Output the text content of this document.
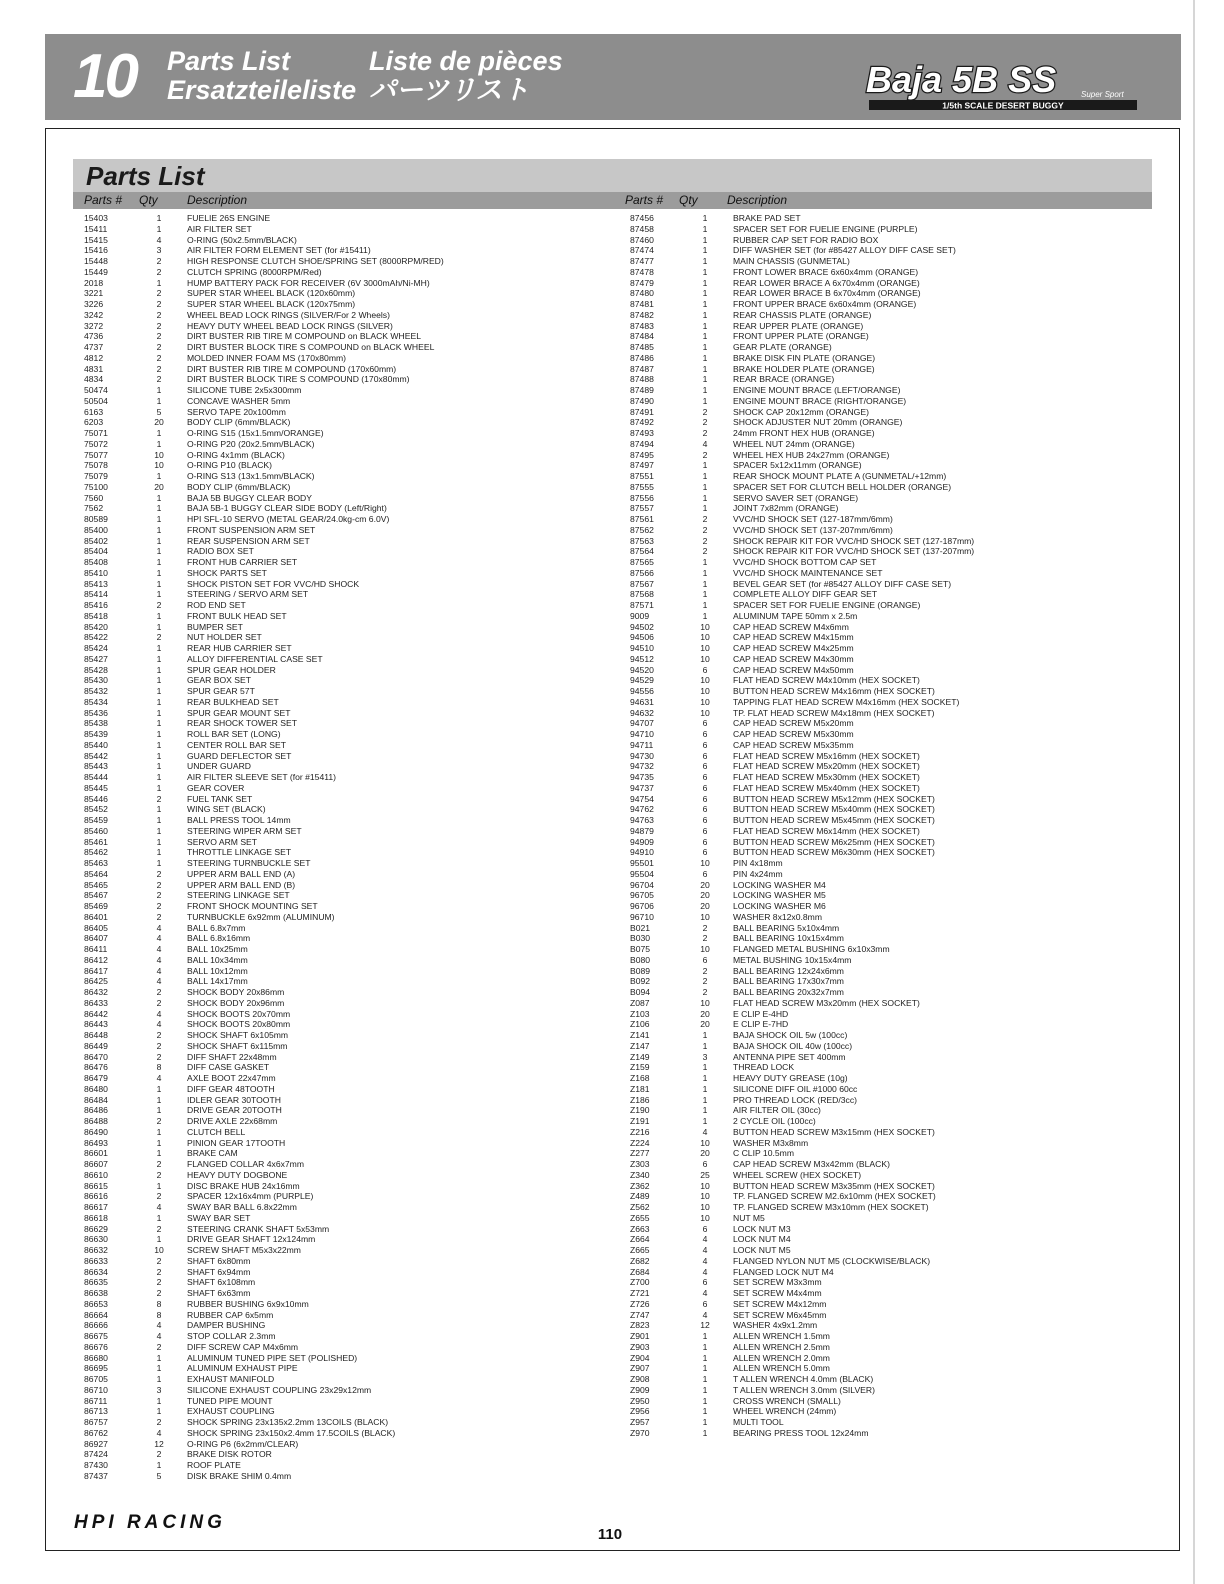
10 Parts List	Liste de pièces
Ersatzteileliste パーツリスト	Baja 5B SS	Super Sport
1/5th SCALE DESERT BUGGY
Parts List
Parts # Qty Description	Parts # Qty Description
15403	1	FUELIE 26S ENGINE
15411	1	AIR FILTER SET
15415	4	O-RING (50x2.5mm/BLACK)
15416	3	AIR FILTER FORM ELEMENT SET (for #15411)
15448	2	HIGH RESPONSE CLUTCH SHOE/SPRING SET (8000RPM/RED)
15449	2	CLUTCH SPRING (8000RPM/Red)
2018	1	HUMP BATTERY PACK FOR RECEIVER (6V 3000mAh/Ni-MH)
3221	2	SUPER STAR WHEEL BLACK (120x60mm)
3226	2	SUPER STAR WHEEL BLACK (120x75mm)
3242	2	WHEEL BEAD LOCK RINGS (SILVER/For 2 Wheels)
3272	2	HEAVY DUTY WHEEL BEAD LOCK RINGS (SILVER)
4736	2	DIRT BUSTER RIB TIRE M COMPOUND on BLACK WHEEL
4737	2	DIRT BUSTER BLOCK TIRE S COMPOUND on BLACK WHEEL
4812	2	MOLDED INNER FOAM MS (170x80mm)
4831	2	DIRT BUSTER RIB TIRE M COMPOUND (170x60mm)
4834	2	DIRT BUSTER BLOCK TIRE S COMPOUND (170x80mm)
50474	1	SILICONE TUBE 2x5x300mm
50504	1	CONCAVE WASHER 5mm
6163	5	SERVO TAPE 20x100mm
6203	20	BODY CLIP (6mm/BLACK)
75071	1	O-RING S15 (15x1.5mm/ORANGE)
75072	1	O-RING P20 (20x2.5mm/BLACK)
75077	10	O-RING 4x1mm (BLACK)
75078	10	O-RING P10 (BLACK)
75079	1	O-RING S13 (13x1.5mm/BLACK)
75100	20	BODY CLIP (6mm/BLACK)
7560	1	BAJA 5B BUGGY CLEAR BODY
7562	1	BAJA 5B-1 BUGGY CLEAR SIDE BODY (Left/Right)
80589	1	HPI SFL-10 SERVO (METAL GEAR/24.0kg-cm 6.0V)
85400	1	FRONT SUSPENSION ARM SET
85402	1	REAR SUSPENSION ARM SET
85404	1	RADIO BOX SET
85408	1	FRONT HUB CARRIER SET
85410	1	SHOCK PARTS SET
85413	1	SHOCK PISTON SET FOR VVC/HD SHOCK
85414	1	STEERING / SERVO ARM SET
85416	2	ROD END SET
85418	1	FRONT BULK HEAD SET
85420	1	BUMPER SET
85422	2	NUT HOLDER SET
85424	1	REAR HUB CARRIER SET
85427	1	ALLOY DIFFERENTIAL CASE SET
85428	1	SPUR GEAR HOLDER
85430	1	GEAR BOX SET
85432	1	SPUR GEAR 57T
85434	1	REAR BULKHEAD SET
85436	1	SPUR GEAR MOUNT SET
85438	1	REAR SHOCK TOWER SET
85439	1	ROLL BAR SET (LONG)
85440	1	CENTER ROLL BAR SET
85442	1	GUARD DEFLECTOR SET
85443	1	UNDER GUARD
85444	1	AIR FILTER SLEEVE SET (for #15411)
85445	1	GEAR COVER
85446	2	FUEL TANK SET
85452	1	WING SET (BLACK)
85459	1	BALL PRESS TOOL 14mm
85460	1	STEERING WIPER ARM SET
85461	1	SERVO ARM SET
85462	1	THROTTLE LINKAGE SET
85463	1	STEERING TURNBUCKLE SET
85464	2	UPPER ARM BALL END (A)
85465	2	UPPER ARM BALL END (B)
85467	2	STEERING LINKAGE SET
85469	2	FRONT SHOCK MOUNTING SET
86401	2	TURNBUCKLE 6x92mm (ALUMINUM)
86405	4	BALL 6.8x7mm
86407	4	BALL 6.8x16mm
86411	4	BALL 10x25mm
86412	4	BALL 10x34mm
86417	4	BALL 10x12mm
86425	4	BALL 14x17mm
86432	2	SHOCK BODY 20x86mm
86433	2	SHOCK BODY 20x96mm
86442	4	SHOCK BOOTS 20x70mm
86443	4	SHOCK BOOTS 20x80mm
86448	2	SHOCK SHAFT 6x105mm
86449	2	SHOCK SHAFT 6x115mm
86470	2	DIFF SHAFT 22x48mm
86476	8	DIFF CASE GASKET
86479	4	AXLE BOOT 22x47mm
86480	1	DIFF GEAR 48TOOTH
86484	1	IDLER GEAR 30TOOTH
86486	1	DRIVE GEAR 20TOOTH
86488	2	DRIVE AXLE 22x68mm
86490	1	CLUTCH BELL
86493	1	PINION GEAR 17TOOTH
86601	1	BRAKE CAM
86607	2	FLANGED COLLAR 4x6x7mm
86610	2	HEAVY DUTY DOGBONE
86615	1	DISC BRAKE HUB 24x16mm
86616	2	SPACER 12x16x4mm (PURPLE)
86617	4	SWAY BAR BALL 6.8x22mm
86618	1	SWAY BAR SET
86629	2	STEERING CRANK SHAFT 5x53mm
86630	1	DRIVE GEAR SHAFT 12x124mm
86632	10	SCREW SHAFT M5x3x22mm
86633	2	SHAFT 6x80mm
86634	2	SHAFT 6x94mm
86635	2	SHAFT 6x108mm
86638	2	SHAFT 6x63mm
86653	8	RUBBER BUSHING 6x9x10mm
86664	8	RUBBER CAP 6x5mm
86666	4	DAMPER BUSHING
86675	4	STOP COLLAR 2.3mm
86676	2	DIFF SCREW CAP M4x6mm
86680	1	ALUMINUM TUNED PIPE SET (POLISHED)
86695	1	ALUMINUM EXHAUST PIPE
86705	1	EXHAUST MANIFOLD
86710	3	SILICONE EXHAUST COUPLING 23x29x12mm
86711	1	TUNED PIPE MOUNT
86713	1	EXHAUST COUPLING
86757	2	SHOCK SPRING 23x135x2.2mm 13COILS (BLACK)
86762	4	SHOCK SPRING 23x150x2.4mm 17.5COILS (BLACK)
86927	12	O-RING P6 (6x2mm/CLEAR)
87424	2	BRAKE DISK ROTOR
87430	1	ROOF PLATE
87437	5	DISK BRAKE SHIM 0.4mm
87456	1	BRAKE PAD SET
87458	1	SPACER SET FOR FUELIE ENGINE (PURPLE)
87460	1	RUBBER CAP SET FOR RADIO BOX
87474	1	DIFF WASHER SET (for #85427 ALLOY DIFF CASE SET)
87477	1	MAIN CHASSIS (GUNMETAL)
87478	1	FRONT LOWER BRACE 6x60x4mm (ORANGE)
87479	1	REAR LOWER BRACE A 6x70x4mm (ORANGE)
87480	1	REAR LOWER BRACE B 6x70x4mm (ORANGE)
87481	1	FRONT UPPER BRACE 6x60x4mm (ORANGE)
87482	1	REAR CHASSIS PLATE (ORANGE)
87483	1	REAR UPPER PLATE (ORANGE)
87484	1	FRONT UPPER PLATE (ORANGE)
87485	1	GEAR PLATE (ORANGE)
87486	1	BRAKE DISK FIN PLATE (ORANGE)
87487	1	BRAKE HOLDER PLATE (ORANGE)
87488	1	REAR BRACE (ORANGE)
87489	1	ENGINE MOUNT BRACE (LEFT/ORANGE)
87490	1	ENGINE MOUNT BRACE (RIGHT/ORANGE)
87491	2	SHOCK CAP 20x12mm (ORANGE)
87492	2	SHOCK ADJUSTER NUT 20mm (ORANGE)
87493	2	24mm FRONT HEX HUB (ORANGE)
87494	4	WHEEL NUT 24mm (ORANGE)
87495	2	WHEEL HEX HUB 24x27mm (ORANGE)
87497	1	SPACER 5x12x11mm (ORANGE)
87551	1	REAR SHOCK MOUNT PLATE A (GUNMETAL/+12mm)
87555	1	SPACER SET FOR CLUTCH BELL HOLDER (ORANGE)
87556	1	SERVO SAVER SET (ORANGE)
87557	1	JOINT 7x82mm (ORANGE)
87561	2	VVC/HD SHOCK SET (127-187mm/6mm)
87562	2	VVC/HD SHOCK SET (137-207mm/6mm)
87563	2	SHOCK REPAIR KIT FOR VVC/HD SHOCK SET (127-187mm)
87564	2	SHOCK REPAIR KIT FOR VVC/HD SHOCK SET (137-207mm)
87565	1	VVC/HD SHOCK BOTTOM CAP SET
87566	1	VVC/HD SHOCK MAINTENANCE SET
87567	1	BEVEL GEAR SET (for #85427 ALLOY DIFF CASE SET)
87568	1	COMPLETE ALLOY DIFF GEAR SET
87571	1	SPACER SET FOR FUELIE ENGINE (ORANGE)
9009	1	ALUMINUM TAPE 50mm x 2.5m
94502	10	CAP HEAD SCREW M4x6mm
94506	10	CAP HEAD SCREW M4x15mm
94510	10	CAP HEAD SCREW M4x25mm
94512	10	CAP HEAD SCREW M4x30mm
94520	6	CAP HEAD SCREW M4x50mm
94529	10	FLAT HEAD SCREW M4x10mm (HEX SOCKET)
94556	10	BUTTON HEAD SCREW M4x16mm (HEX SOCKET)
94631	10	TAPPING FLAT HEAD SCREW M4x16mm (HEX SOCKET)
94632	10	TP. FLAT HEAD SCREW M4x18mm (HEX SOCKET)
94707	6	CAP HEAD SCREW M5x20mm
94710	6	CAP HEAD SCREW M5x30mm
94711	6	CAP HEAD SCREW M5x35mm
94730	6	FLAT HEAD SCREW M5x16mm (HEX SOCKET)
94732	6	FLAT HEAD SCREW M5x20mm (HEX SOCKET)
94735	6	FLAT HEAD SCREW M5x30mm (HEX SOCKET)
94737	6	FLAT HEAD SCREW M5x40mm (HEX SOCKET)
94754	6	BUTTON HEAD SCREW M5x12mm (HEX SOCKET)
94762	6	BUTTON HEAD SCREW M5x40mm (HEX SOCKET)
94763	6	BUTTON HEAD SCREW M5x45mm (HEX SOCKET)
94879	6	FLAT HEAD SCREW M6x14mm (HEX SOCKET)
94909	6	BUTTON HEAD SCREW M6x25mm (HEX SOCKET)
94910	6	BUTTON HEAD SCREW M6x30mm (HEX SOCKET)
95501	10	PIN 4x18mm
95504	6	PIN 4x24mm
96704	20	LOCKING WASHER M4
96705	20	LOCKING WASHER M5
96706	20	LOCKING WASHER M6
96710	10	WASHER 8x12x0.8mm
B021	2	BALL BEARING 5x10x4mm
B030	2	BALL BEARING 10x15x4mm
B075	10	FLANGED METAL BUSHING 6x10x3mm
B080	6	METAL BUSHING 10x15x4mm
B089	2	BALL BEARING 12x24x6mm
B092	2	BALL BEARING 17x30x7mm
B094	2	BALL BEARING 20x32x7mm
Z087	10	FLAT HEAD SCREW M3x20mm (HEX SOCKET)
Z103	20	E CLIP E-4HD
Z106	20	E CLIP E-7HD
Z141	1	BAJA SHOCK OIL 5w (100cc)
Z147	1	BAJA SHOCK OIL 40w (100cc)
Z149	3	ANTENNA PIPE SET 400mm
Z159	1	THREAD LOCK
Z168	1	HEAVY DUTY GREASE (10g)
Z181	1	SILICONE DIFF OIL #1000 60cc
Z186	1	PRO THREAD LOCK (RED/3cc)
Z190	1	AIR FILTER OIL (30cc)
Z191	1	2 CYCLE OIL (100cc)
Z216	4	BUTTON HEAD SCREW M3x15mm (HEX SOCKET)
Z224	10	WASHER M3x8mm
Z277	20	C CLIP 10.5mm
Z303	6	CAP HEAD SCREW M3x42mm (BLACK)
Z340	25	WHEEL SCREW (HEX SOCKET)
Z362	10	BUTTON HEAD SCREW M3x35mm (HEX SOCKET)
Z489	10	TP. FLANGED SCREW M2.6x10mm (HEX SOCKET)
Z562	10	TP. FLANGED SCREW M3x10mm (HEX SOCKET)
Z655	10	NUT M5
Z663	6	LOCK NUT M3
Z664	4	LOCK NUT M4
Z665	4	LOCK NUT M5
Z682	4	FLANGED NYLON NUT M5 (CLOCKWISE/BLACK)
Z684	4	FLANGED LOCK NUT M4
Z700	6	SET SCREW M3x3mm
Z721	4	SET SCREW M4x4mm
Z726	6	SET SCREW M4x12mm
Z747	4	SET SCREW M6x45mm
Z823	12	WASHER 4x9x1.2mm
Z901	1	ALLEN WRENCH 1.5mm
Z903	1	ALLEN WRENCH 2.5mm
Z904	1	ALLEN WRENCH 2.0mm
Z907	1	ALLEN WRENCH 5.0mm
Z908	1	T ALLEN WRENCH 4.0mm (BLACK)
Z909	1	T ALLEN WRENCH 3.0mm (SILVER)
Z950	1	CROSS WRENCH (SMALL)
Z956	1	WHEEL WRENCH (24mm)
Z957	1	MULTI TOOL
Z970	1	BEARING PRESS TOOL 12x24mm
HPI RACING
110
